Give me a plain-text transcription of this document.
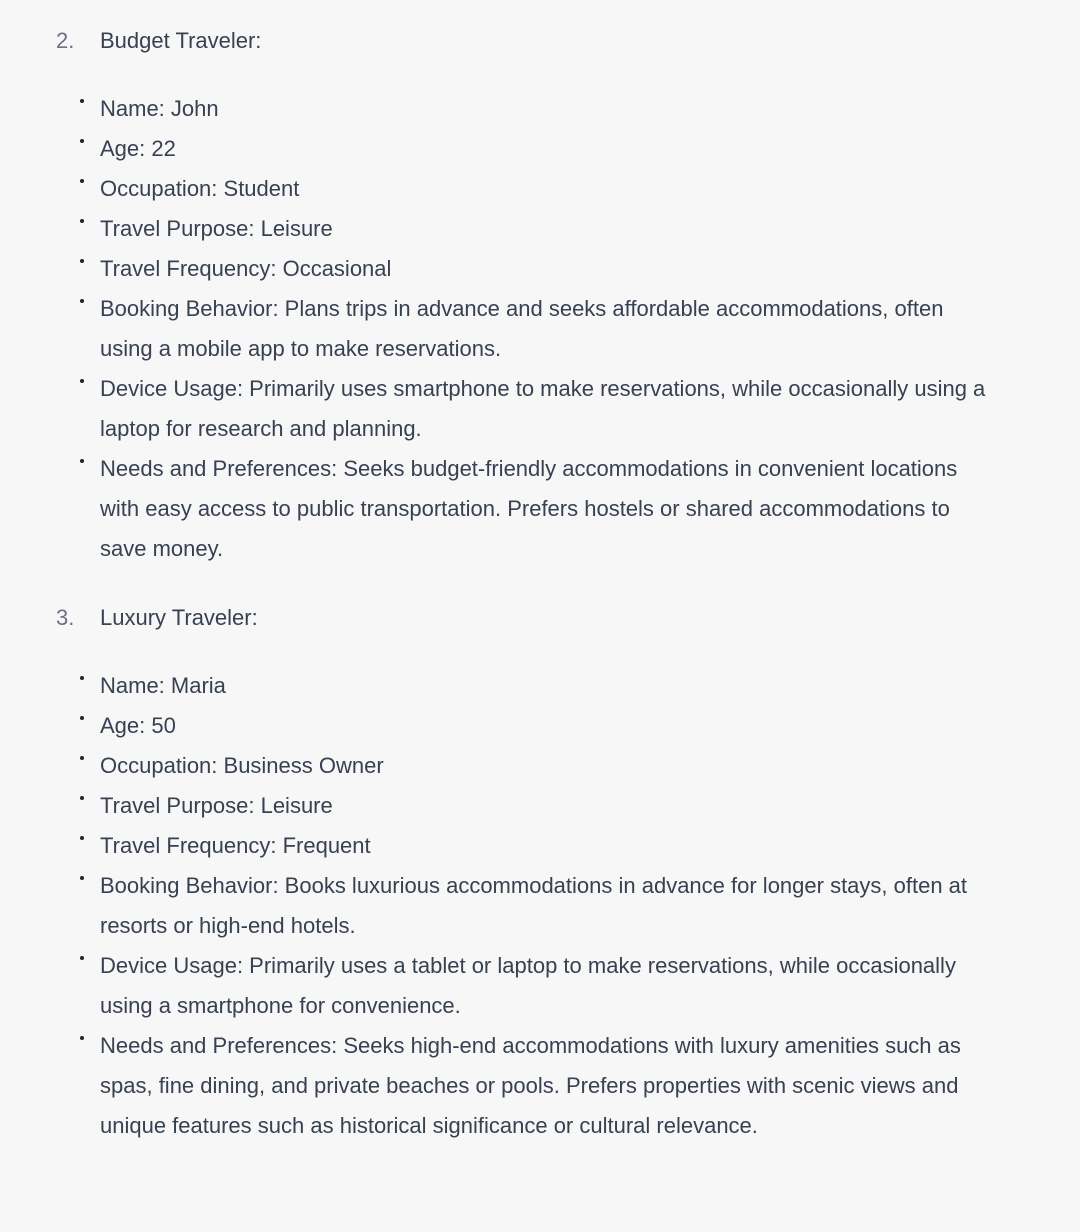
2. Budget Traveler:
Name: John
Age: 22
Occupation: Student
Travel Purpose: Leisure
Travel Frequency: Occasional
Booking Behavior: Plans trips in advance and seeks affordable accommodations, often using a mobile app to make reservations.
Device Usage: Primarily uses smartphone to make reservations, while occasionally using a laptop for research and planning.
Needs and Preferences: Seeks budget-friendly accommodations in convenient locations with easy access to public transportation. Prefers hostels or shared accommodations to save money.
3. Luxury Traveler:
Name: Maria
Age: 50
Occupation: Business Owner
Travel Purpose: Leisure
Travel Frequency: Frequent
Booking Behavior: Books luxurious accommodations in advance for longer stays, often at resorts or high-end hotels.
Device Usage: Primarily uses a tablet or laptop to make reservations, while occasionally using a smartphone for convenience.
Needs and Preferences: Seeks high-end accommodations with luxury amenities such as spas, fine dining, and private beaches or pools. Prefers properties with scenic views and unique features such as historical significance or cultural relevance.
